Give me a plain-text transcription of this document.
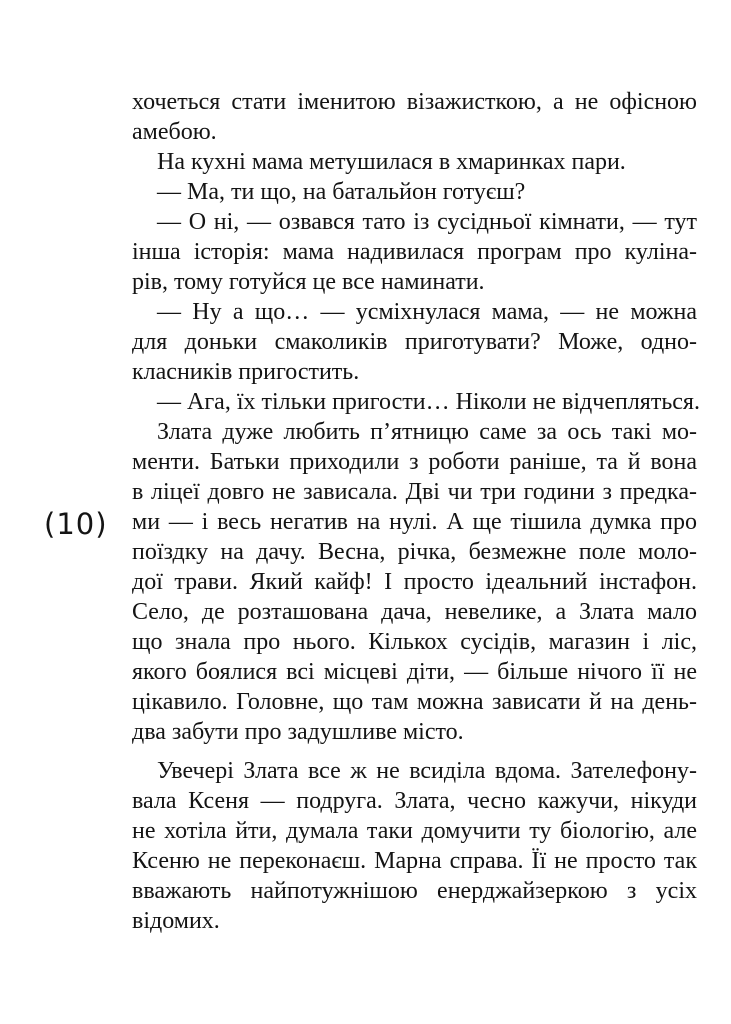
хочеться стати іменитою візажисткою, а не офісною
амебою.
На кухні мама метушилася в хмаринках пари.
— Ма, ти що, на батальйон готуєш?
— О ні, — озвався тато із сусідньої кімнати, — тут
інша історія: мама надивилася програм про куліна-
рів, тому готуйся це все наминати.
— Ну а що… — усміхнулася мама, — не можна
для доньки смаколиків приготувати? Може, одно-
класників пригостить.
— Ага, їх тільки пригости… Ніколи не відчепляться.
Злата дуже любить п’ятницю саме за ось такі мо-
менти. Батьки приходили з роботи раніше, та й вона
в ліцеї довго не зависала. Дві чи три години з предка-
ми — і весь негатив на нулі. А ще тішила думка про
поїздку на дачу. Весна, річка, безмежне поле моло-
дої трави. Який кайф! І просто ідеальний інстафон.
Село, де розташована дача, невелике, а Злата мало
що знала про нього. Кількох сусідів, магазин і ліс,
якого боялися всі місцеві діти, — більше нічого її не
цікавило. Головне, що там можна зависати й на день-
два забути про задушливе місто.
Увечері Злата все ж не всиділа вдома. Зателефону-
вала Ксеня — подруга. Злата, чесно кажучи, нікуди
не хотіла йти, думала таки домучити ту біологію, але
Ксеню не переконаєш. Марна справа. Її не просто так
вважають найпотужнішою енерджайзеркою з усіх
відомих.
(10)
